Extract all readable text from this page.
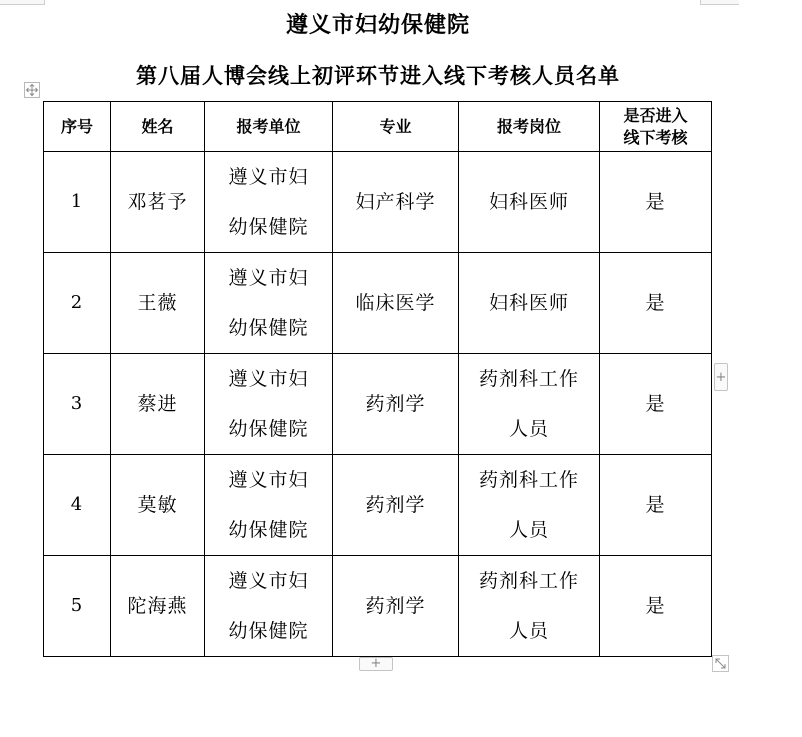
遵义市妇幼保健院
第八届人博会线上初评环节进入线下考核人员名单
序号	姓名	报考单位	专业	报考岗位	是否进入
线下考核

1	邓茗予	遵义市妇
幼保健院	妇产科学	妇科医师	是
2	王薇	遵义市妇
幼保健院	临床医学	妇科医师	是
3	蔡进	遵义市妇
幼保健院	药剂学	药剂科工作
人员	是
4	莫敏	遵义市妇
幼保健院	药剂学	药剂科工作
人员	是
5	陀海燕	遵义市妇
幼保健院	药剂学	药剂科工作
人员	是
+
+
